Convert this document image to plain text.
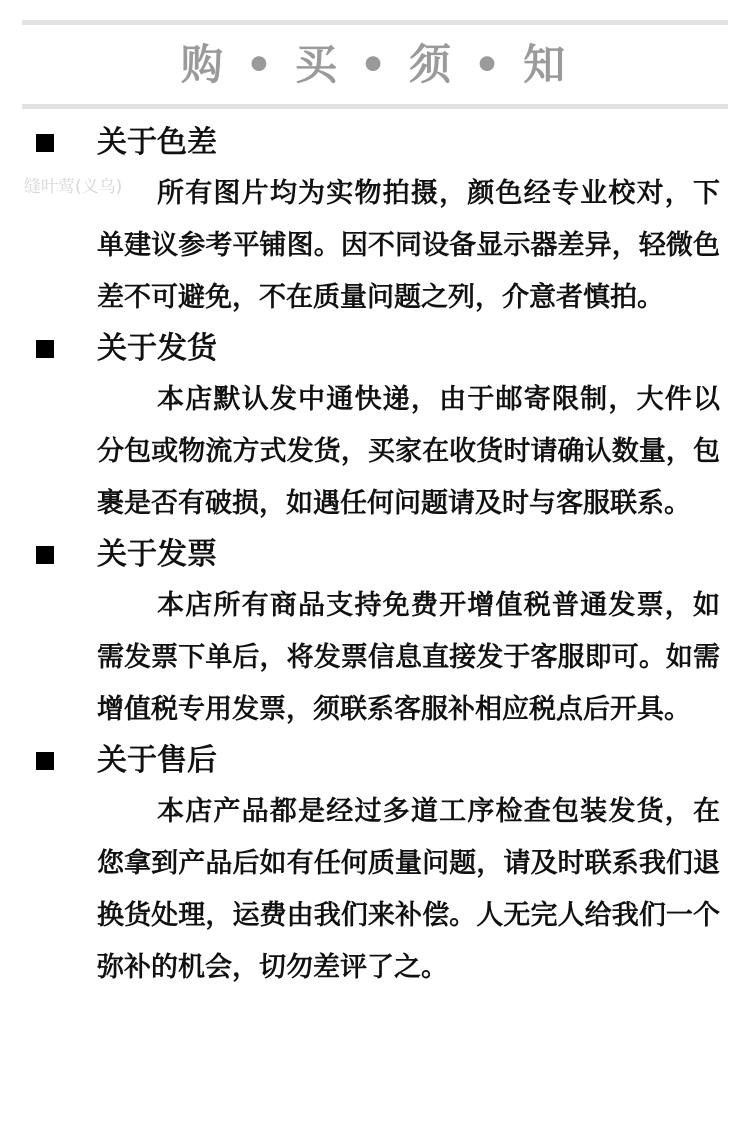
购 • 买 • 须 • 知
缝叶莺(义乌)
关于色差

所有图片均为实物拍摄，颜色经专业校对，下单建议参考平铺图。因不同设备显示器差异，轻微色差不可避免，不在质量问题之列，介意者慎拍。

关于发货

本店默认发中通快递，由于邮寄限制，大件以分包或物流方式发货，买家在收货时请确认数量，包裹是否有破损，如遇任何问题请及时与客服联系。

关于发票

本店所有商品支持免费开增值税普通发票，如需发票下单后，将发票信息直接发于客服即可。如需增值税专用发票，须联系客服补相应税点后开具。

关于售后

本店产品都是经过多道工序检查包装发货，在您拿到产品后如有任何质量问题，请及时联系我们退换货处理，运费由我们来补偿。人无完人给我们一个弥补的机会，切勿差评了之。
